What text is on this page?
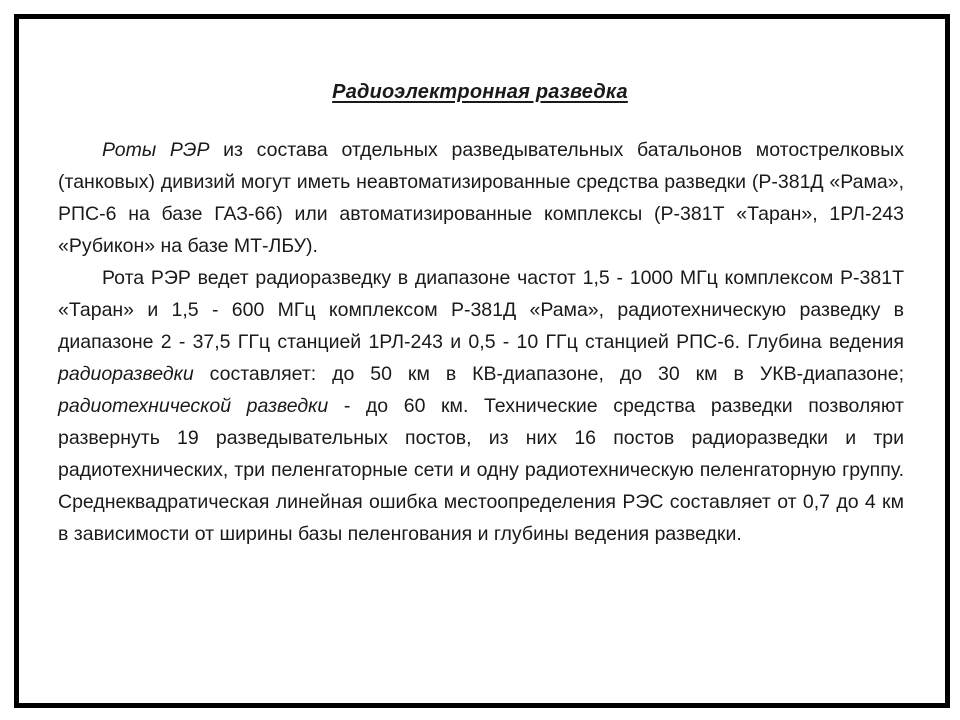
Радиоэлектронная разведка

Роты РЭР из состава отдельных разведывательных батальонов мотострелковых (танковых) дивизий могут иметь неавтоматизированные средства разведки (Р-381Д «Рама», РПС-6 на базе ГАЗ-66) или автоматизированные комплексы (Р-381Т «Таран», 1РЛ-243 «Рубикон» на базе МТ-ЛБУ).

Рота РЭР ведет радиоразведку в диапазоне частот 1,5 - 1000 МГц комплексом Р-381Т «Таран» и 1,5 - 600 МГц комплексом Р-381Д «Рама», радиотехническую разведку в диапазоне 2 - 37,5 ГГц станцией 1РЛ-243 и 0,5 - 10 ГГц станцией РПС-6. Глубина ведения радиоразведки составляет: до 50 км в КВ-диапазоне, до 30 км в УКВ-диапазоне; радиотехнической разведки - до 60 км. Технические средства разведки позволяют развернуть 19 разведывательных постов, из них 16 постов радиоразведки и три радиотехнических, три пеленгаторные сети и одну радиотехническую пеленгаторную группу. Среднеквадратическая линейная ошибка местоопределения РЭС составляет от 0,7 до 4 км в зависимости от ширины базы пеленгования и глубины ведения разведки.
